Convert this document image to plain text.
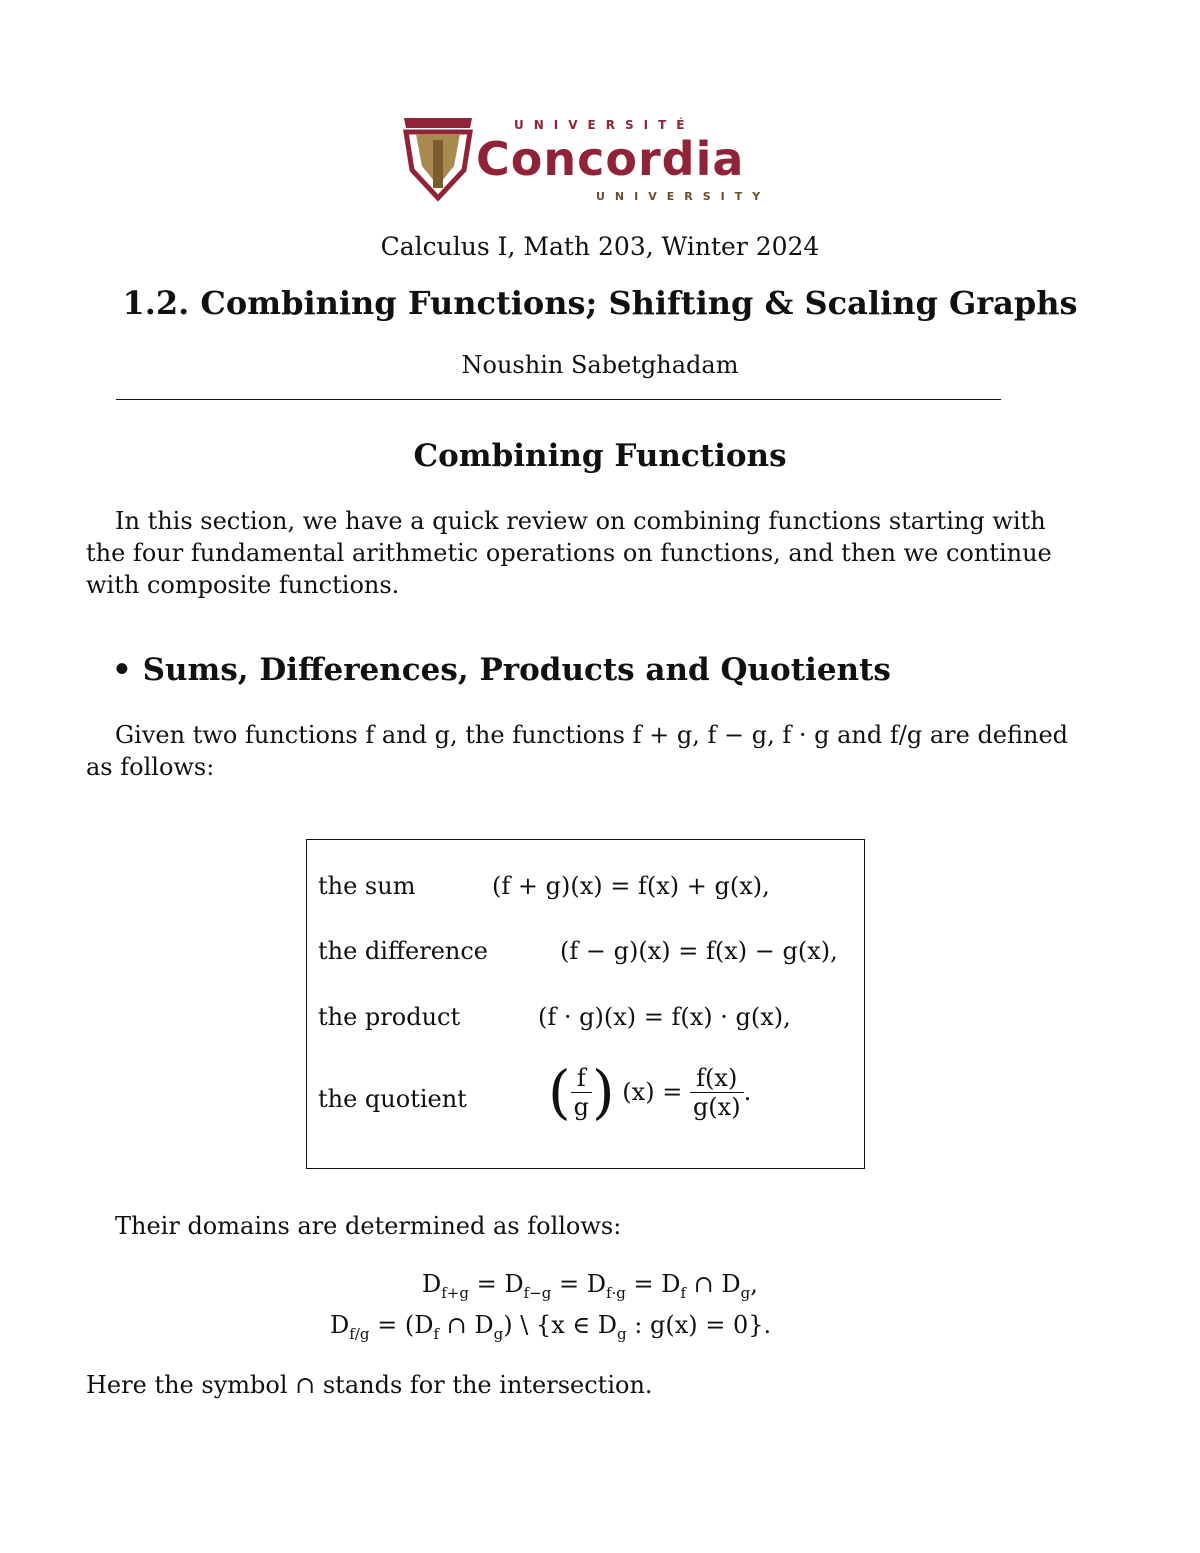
UNIVERSITÉ
Concordia
UNIVERSITY
Calculus I, Math 203, Winter 2024
1.2. Combining Functions; Shifting & Scaling Graphs
Noushin Sabetghadam
Combining Functions
In this section, we have a quick review on combining functions starting with the four fundamental arithmetic operations on functions, and then we continue with composite functions.
• Sums, Differences, Products and Quotients
Given two functions f and g, the functions f + g, f − g, f · g and f/g are defined as follows:
the sum	(f + g)(x) = f(x) + g(x),
the difference	(f − g)(x) = f(x) − g(x),
the product	(f · g)(x) = f(x) · g(x),
the quotient ( $\frac{f}{g}$ ) $(x) = \frac{f(x)}{g(x)}$ .
Their domains are determined as follows:
$D_{f+g} = D_{f-g} = D_{f\cdot g} = D_f$ ∩ $D_g$,
$D_{f/g} = (D_f$ ∩ $D_g$) \ {x ∈ $D_g$ : g(x) = 0}.
Here the symbol ∩ stands for the intersection.
